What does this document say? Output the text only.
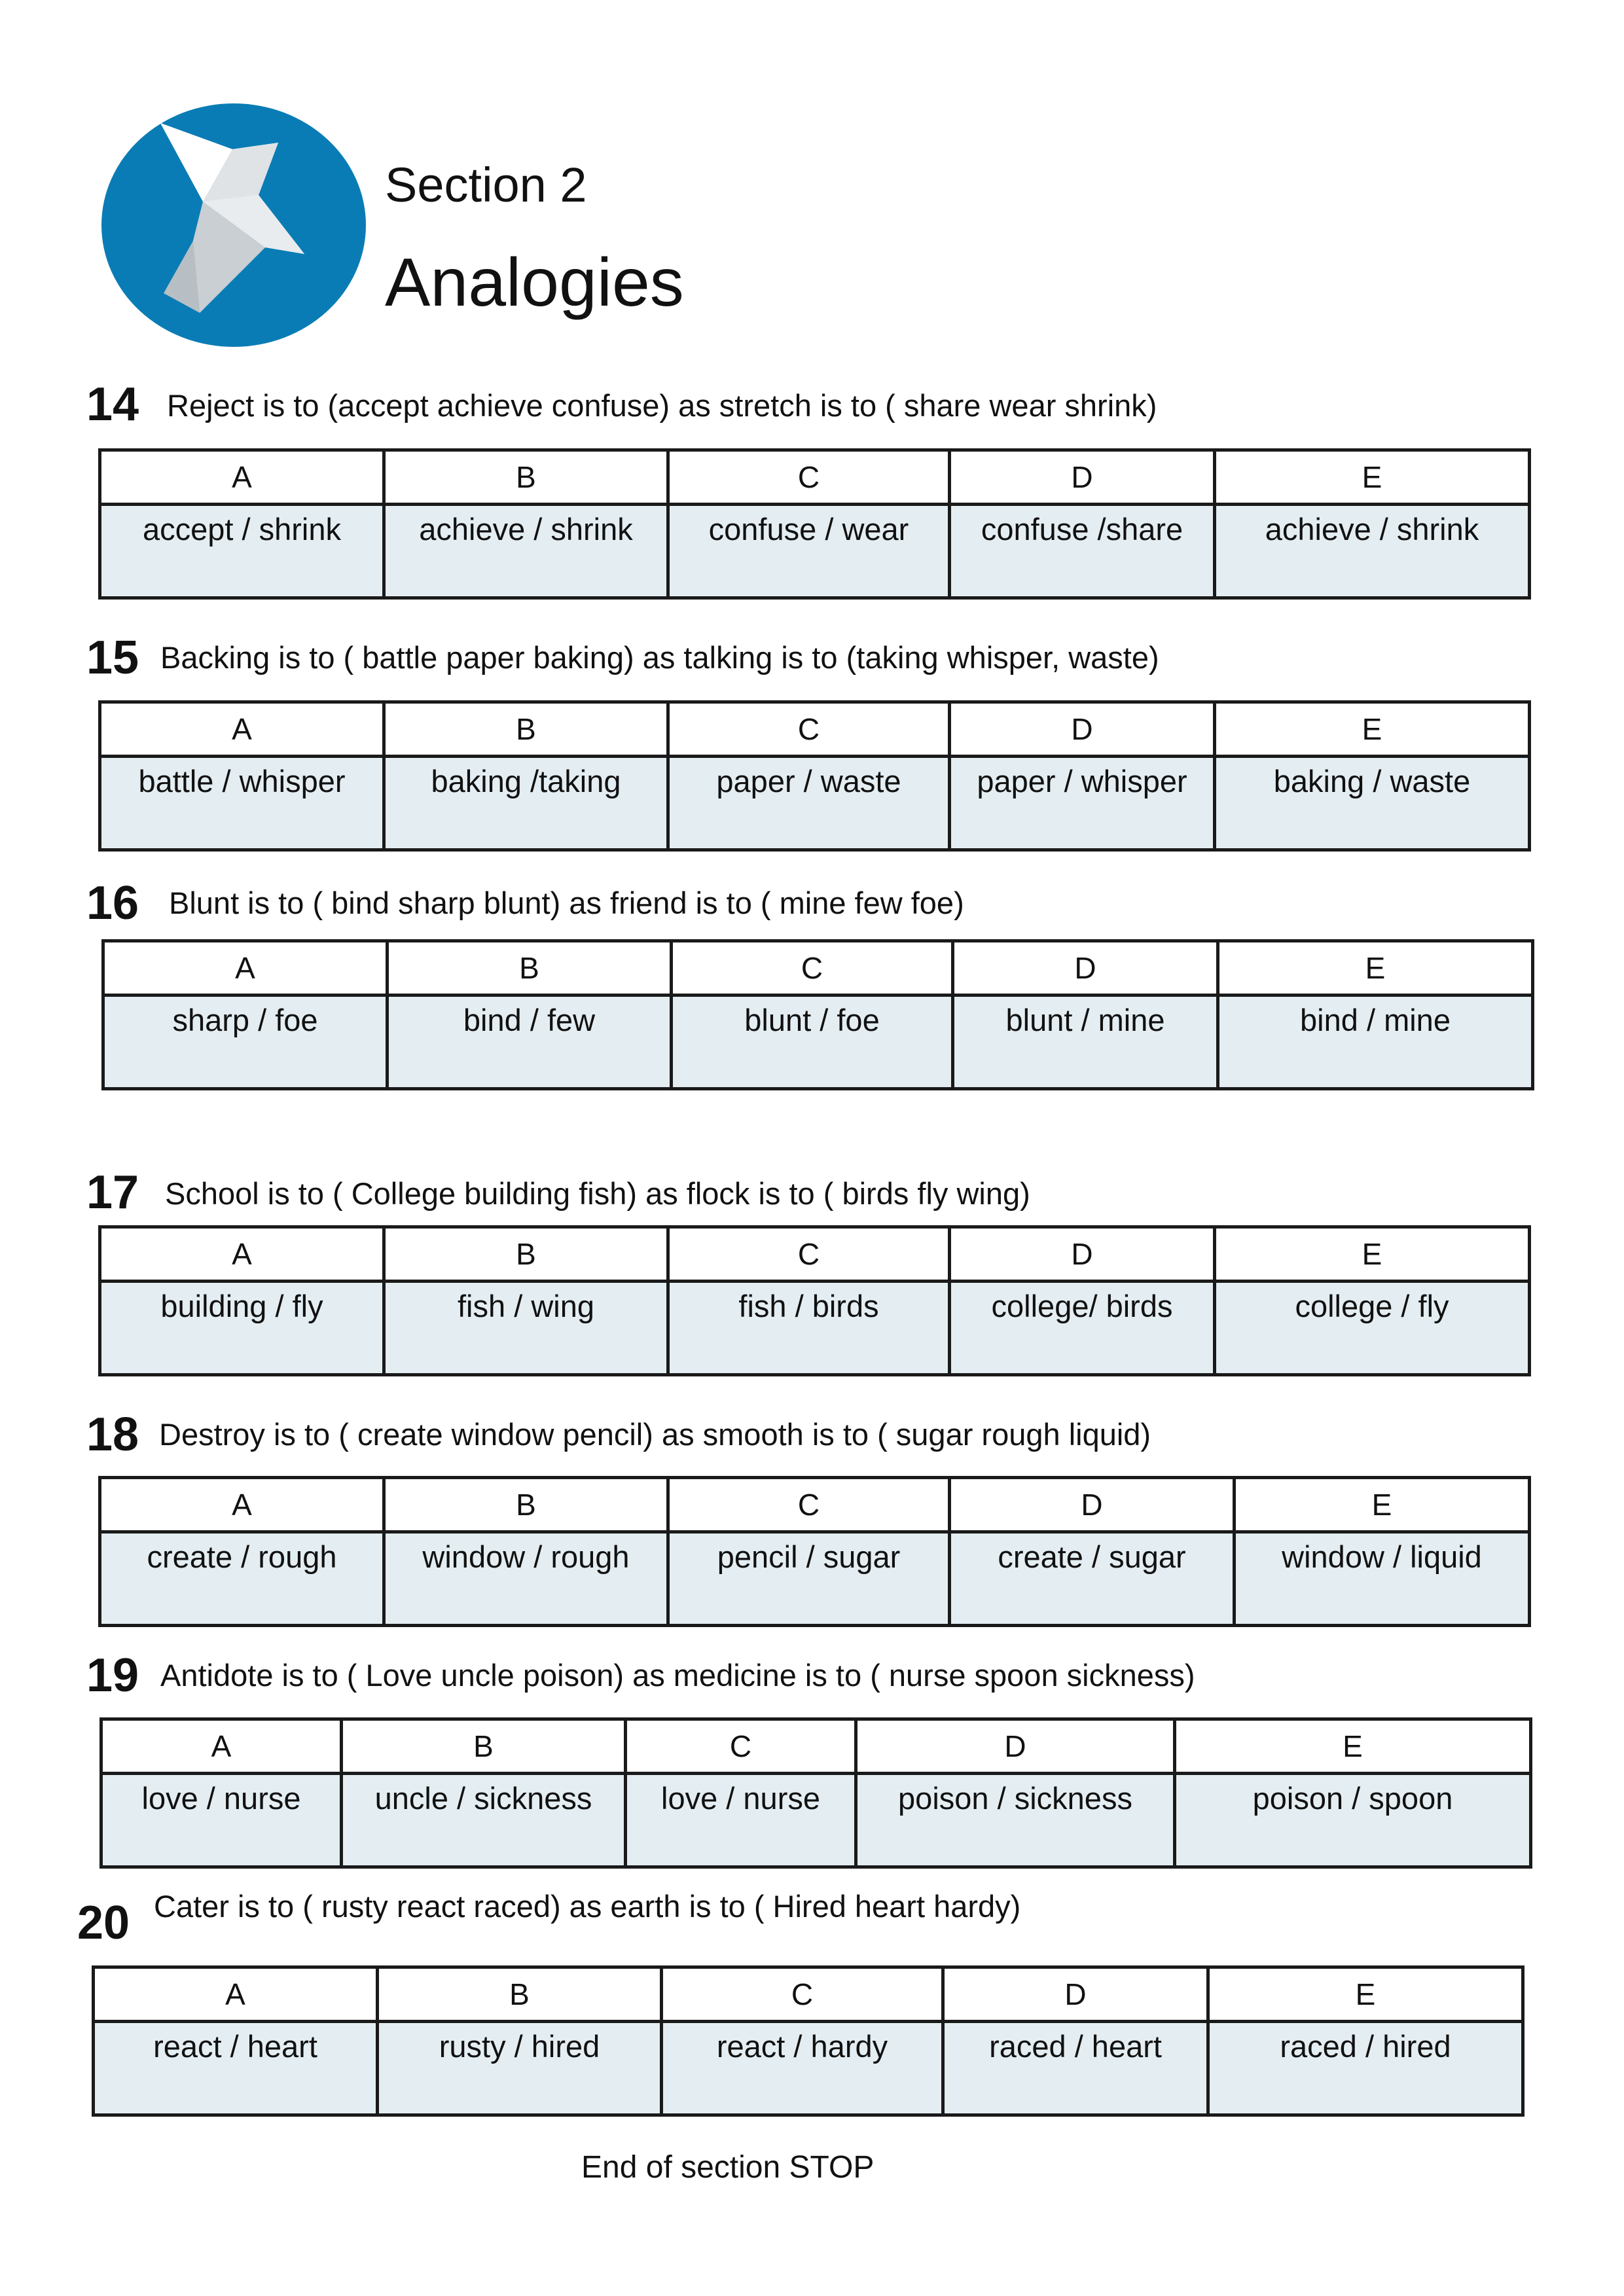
Section 2
Analogies
14 Reject is to (accept achieve confuse) as stretch is to ( share wear shrink)
A	B	C	D	E
accept / shrink	achieve / shrink	confuse / wear	confuse /share	achieve / shrink
15 Backing is to ( battle paper baking) as talking is to (taking whisper, waste)
A	B	C	D	E
battle / whisper	baking /taking	paper / waste	paper / whisper	baking / waste
16 Blunt is to ( bind sharp blunt) as friend is to ( mine few foe)
A	B	C	D	E
sharp / foe	bind / few	blunt / foe	blunt / mine	bind / mine
17 School is to ( College building fish) as flock is to ( birds fly wing)
A	B	C	D	E
building / fly	fish / wing	fish / birds	college/ birds	college / fly
18 Destroy is to ( create window pencil) as smooth is to ( sugar rough liquid)
A	B	C	D	E
create / rough	window / rough	pencil / sugar	create / sugar	window / liquid
19 Antidote is to ( Love uncle poison) as medicine is to ( nurse spoon sickness)
A	B	C	D	E
love / nurse	uncle / sickness	love / nurse	poison / sickness	poison / spoon
20 Cater is to ( rusty react raced) as earth is to ( Hired heart hardy)
A	B	C	D	E
react / heart	rusty / hired	react / hardy	raced / heart	raced / hired
End of section STOP
